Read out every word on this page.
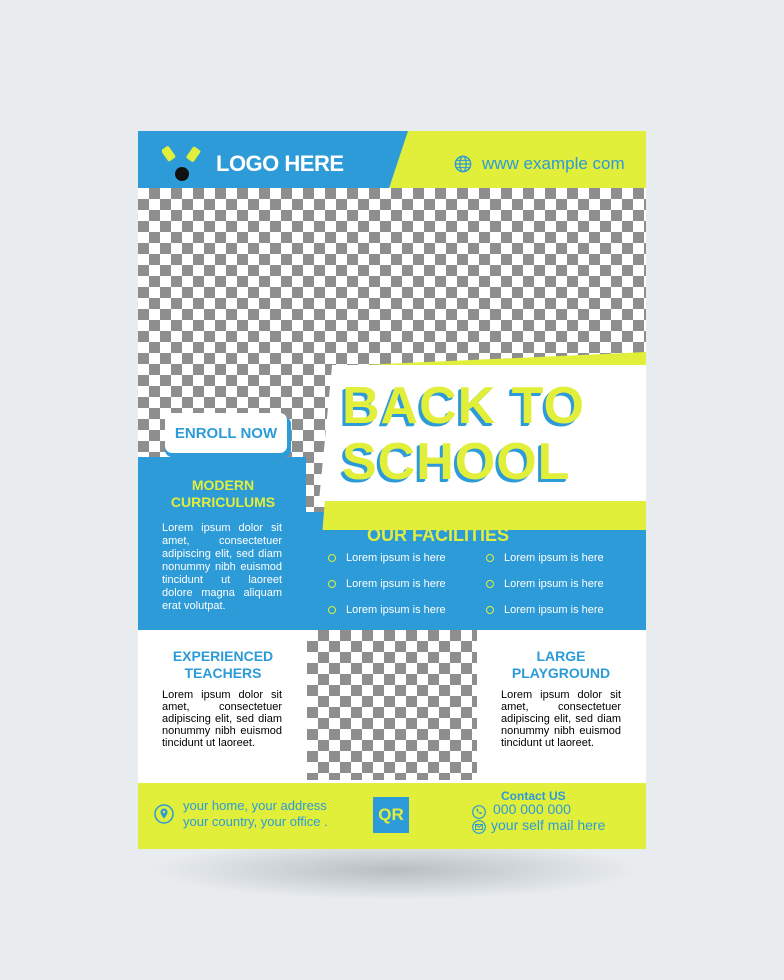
LOGO HERE	www example com
ENROLL NOW BACK TO
SCHOOL
MODERN CURRICULUMS
Lorem ipsum dolor sit amet, consectetuer adipiscing elit, sed diam nonummy nibh euismod tincidunt ut laoreet dolore magna aliquam erat volutpat.
OUR FACILITIES
Lorem ipsum is here	Lorem ipsum is here
Lorem ipsum is here	Lorem ipsum is here
Lorem ipsum is here	Lorem ipsum is here
EXPERIENCED TEACHERS
Lorem ipsum dolor sit amet, consectetuer adipiscing elit, sed diam nonummy nibh euismod tincidunt ut laoreet.
LARGE PLAYGROUND
Lorem ipsum dolor sit amet, consectetuer adipiscing elit, sed diam nonummy nibh euismod tincidunt ut laoreet.
your home, your address
your country, your office .	QR
Contact US
000 000 000
your self mail here
